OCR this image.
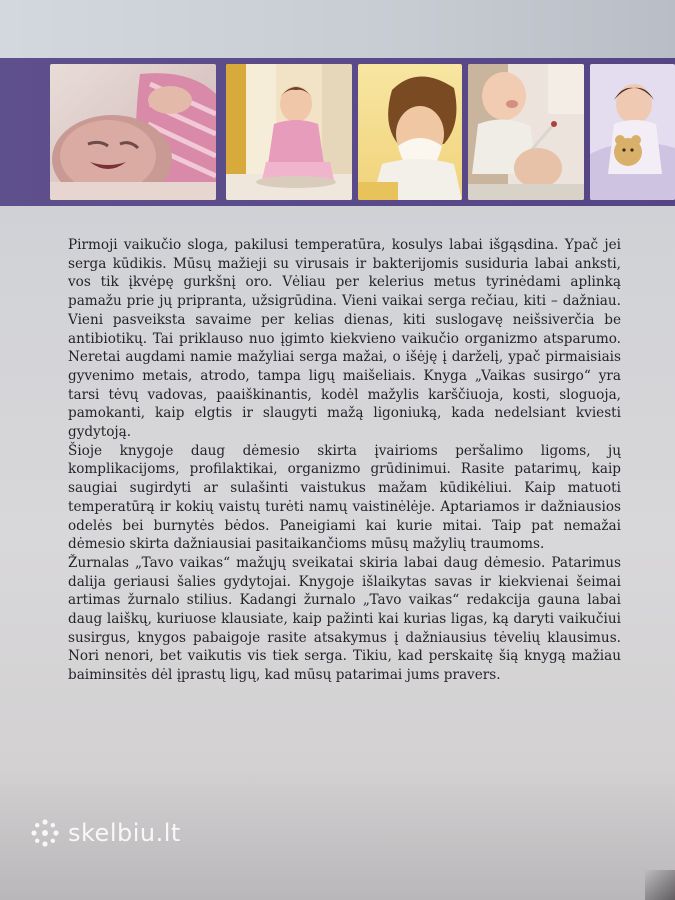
Pirmoji vaikučio sloga, pakilusi temperatūra, kosulys labai išgąsdina. Ypač jei serga kūdikis. Mūsų mažieji su virusais ir bakterijomis susiduria labai anksti, vos tik įkvėpę gurkšnį oro. Vėliau per kelerius metus tyrinėdami aplinką pamažu prie jų pripranta, užsigrūdina. Vieni vaikai serga rečiau, kiti – dažniau. Vieni pasveiksta savaime per kelias dienas, kiti suslogavę neišsiverčia be antibiotikų. Tai priklauso nuo įgimto kiekvieno vaikučio organizmo atsparumo. Neretai augdami namie mažyliai serga mažai, o išėję į darželį, ypač pirmaisiais gyvenimo metais, atrodo, tampa ligų maišeliais. Knyga „Vaikas susirgo“ yra tarsi tėvų vadovas, paaiškinantis, kodėl mažylis karščiuoja, kosti, sloguoja, pamokanti, kaip elgtis ir slaugyti mažą ligoniuką, kada nedelsiant kviesti gydytoją.

Šioje knygoje daug dėmesio skirta įvairioms peršalimo ligoms, jų komplikacijoms, profilaktikai, organizmo grūdinimui. Rasite patarimų, kaip saugiai sugirdyti ar sulašinti vaistukus mažam kūdikėliui. Kaip matuoti temperatūrą ir kokių vaistų turėti namų vaistinėlėje. Aptariamos ir dažniausios odelės bei burnytės bėdos. Paneigiami kai kurie mitai. Taip pat nemažai dėmesio skirta dažniausiai pasitaikančioms mūsų mažylių traumoms.

Žurnalas „Tavo vaikas“ mažųjų sveikatai skiria labai daug dėmesio. Patarimus dalija geriausi šalies gydytojai. Knygoje išlaikytas savas ir kiekvienai šeimai artimas žurnalo stilius. Kadangi žurnalo „Tavo vaikas“ redakcija gauna labai daug laiškų, kuriuose klausiate, kaip pažinti kai kurias ligas, ką daryti vaikučiui susirgus, knygos pabaigoje rasite atsakymus į dažniausius tėvelių klausimus. Nori nenori, bet vaikutis vis tiek serga. Tikiu, kad perskaitę šią knygą mažiau baiminsitės dėl įprastų ligų, kad mūsų patarimai jums pravers.

skelbiu.lt
